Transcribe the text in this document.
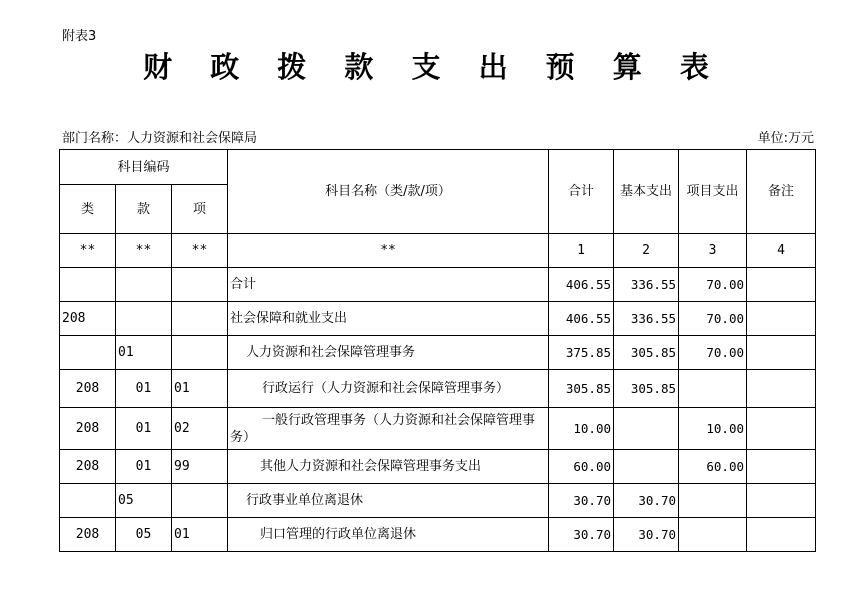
附表3
财 政 拨 款 支 出 预 算 表
部门名称：人力资源和社会保障局	单位:万元
科目编码			科目名称（类/款/项）	合计	基本支出	项目支出	备注
类	款	项					
**	**	**	**	1	2	3	4
			合计	406.55	336.55	70.00	
208			社会保障和就业支出	406.55	336.55	70.00	
	01		人力资源和社会保障管理事务	375.85	305.85	70.00	
208	01	01	行政运行（人力资源和社会保障管理事务）	305.85	305.85		
208	01	02	一般行政管理事务（人力资源和社会保障管理事务）	10.00		10.00	
208	01	99	其他人力资源和社会保障管理事务支出	60.00		60.00	
	05		行政事业单位离退休	30.70	30.70		
208	05	01	归口管理的行政单位离退休	30.70	30.70		
